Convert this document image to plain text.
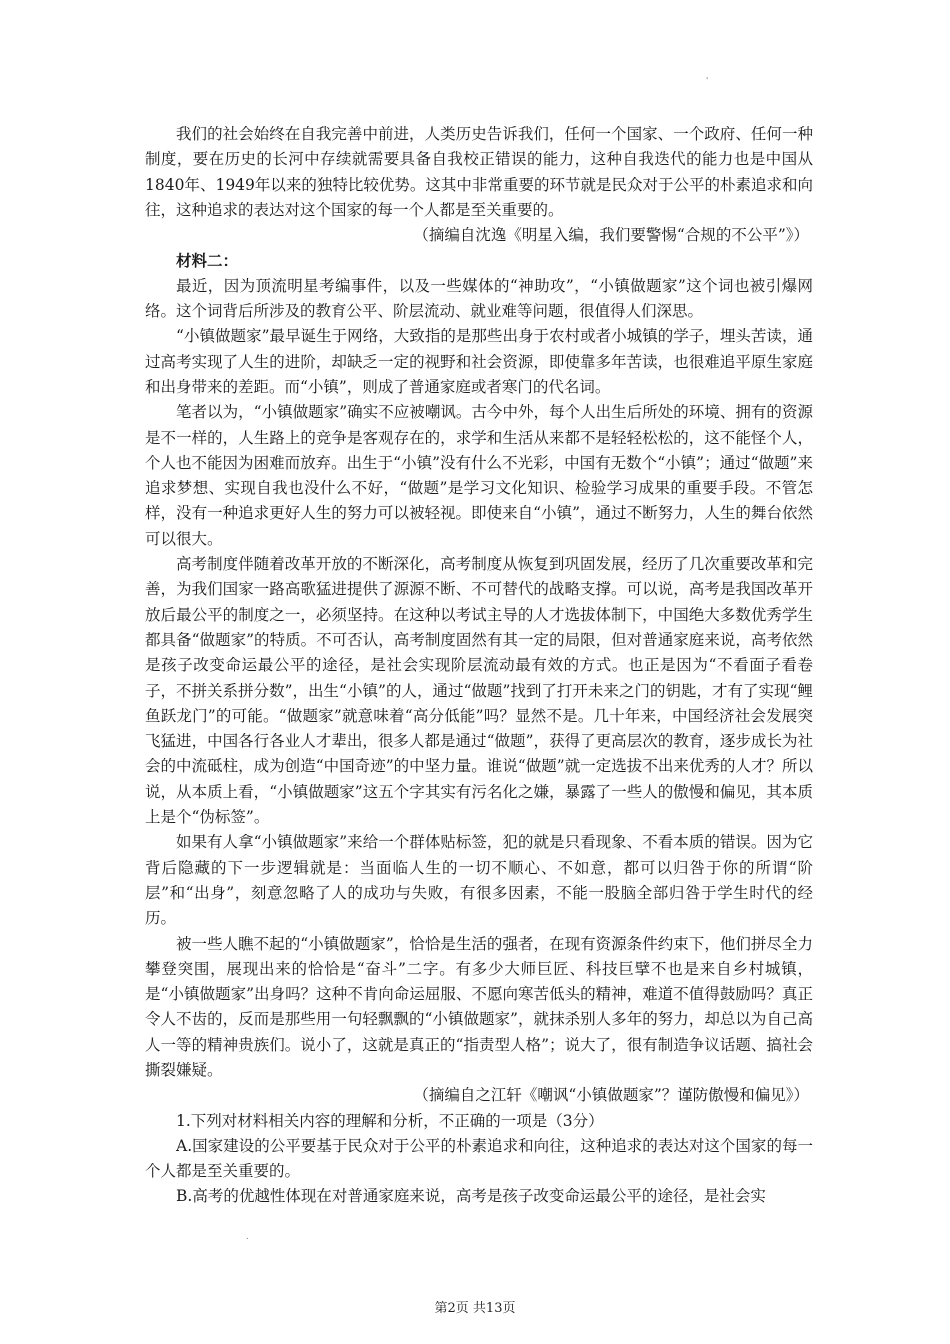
'

我们的社会始终在自我完善中前进，人类历史告诉我们，任何一个国家、一个政府、任何一种制度，要在历史的长河中存续就需要具备自我校正错误的能力，这种自我迭代的能力也是中国从1840年、1949年以来的独特比较优势。这其中非常重要的环节就是民众对于公平的朴素追求和向往，这种追求的表达对这个国家的每一个人都是至关重要的。

（摘编自沈逸《明星入编，我们要警惕“合规的不公平”》）

材料二：

最近，因为顶流明星考编事件，以及一些媒体的“神助攻”，“小镇做题家”这个词也被引爆网络。这个词背后所涉及的教育公平、阶层流动、就业难等问题，很值得人们深思。

“小镇做题家”最早诞生于网络，大致指的是那些出身于农村或者小城镇的学子，埋头苦读，通过高考实现了人生的进阶，却缺乏一定的视野和社会资源，即使靠多年苦读，也很难追平原生家庭和出身带来的差距。而“小镇”，则成了普通家庭或者寒门的代名词。

笔者以为，“小镇做题家”确实不应被嘲讽。古今中外，每个人出生后所处的环境、拥有的资源是不一样的，人生路上的竞争是客观存在的，求学和生活从来都不是轻轻松松的，这不能怪个人，个人也不能因为困难而放弃。出生于“小镇”没有什么不光彩，中国有无数个“小镇”；通过“做题”来追求梦想、实现自我也没什么不好，“做题”是学习文化知识、检验学习成果的重要手段。不管怎样，没有一种追求更好人生的努力可以被轻视。即使来自“小镇”，通过不断努力，人生的舞台依然可以很大。

高考制度伴随着改革开放的不断深化，高考制度从恢复到巩固发展，经历了几次重要改革和完善，为我们国家一路高歌猛进提供了源源不断、不可替代的战略支撑。可以说，高考是我国改革开放后最公平的制度之一，必须坚持。在这种以考试主导的人才选拔体制下，中国绝大多数优秀学生都具备“做题家”的特质。不可否认，高考制度固然有其一定的局限，但对普通家庭来说，高考依然是孩子改变命运最公平的途径，是社会实现阶层流动最有效的方式。也正是因为“不看面子看卷子，不拼关系拼分数”，出生“小镇”的人，通过“做题”找到了打开未来之门的钥匙，才有了实现“鲤鱼跃龙门”的可能。“做题家”就意味着“高分低能”吗？显然不是。几十年来，中国经济社会发展突飞猛进，中国各行各业人才辈出，很多人都是通过“做题”，获得了更高层次的教育，逐步成长为社会的中流砥柱，成为创造“中国奇迹”的中坚力量。谁说“做题”就一定选拔不出来优秀的人才？所以说，从本质上看，“小镇做题家”这五个字其实有污名化之嫌，暴露了一些人的傲慢和偏见，其本质上是个“伪标签”。

如果有人拿“小镇做题家”来给一个群体贴标签，犯的就是只看现象、不看本质的错误。因为它背后隐藏的下一步逻辑就是：当面临人生的一切不顺心、不如意，都可以归咎于你的所谓“阶层”和“出身”，刻意忽略了人的成功与失败，有很多因素，不能一股脑全部归咎于学生时代的经历。

被一些人瞧不起的“小镇做题家”，恰恰是生活的强者，在现有资源条件约束下，他们拼尽全力攀登突围，展现出来的恰恰是“奋斗”二字。有多少大师巨匠、科技巨擘不也是来自乡村城镇，是“小镇做题家”出身吗？这种不肯向命运屈服、不愿向寒苦低头的精神，难道不值得鼓励吗？真正令人不齿的，反而是那些用一句轻飘飘的“小镇做题家”，就抹杀别人多年的努力，却总以为自己高人一等的精神贵族们。说小了，这就是真正的“指责型人格”；说大了，很有制造争议话题、搞社会撕裂嫌疑。

（摘编自之江轩《嘲讽“小镇做题家”？谨防傲慢和偏见》）

1.下列对材料相关内容的理解和分析，不正确的一项是（3分）

A.国家建设的公平要基于民众对于公平的朴素追求和向往，这种追求的表达对这个国家的每一个人都是至关重要的。

B.高考的优越性体现在对普通家庭来说，高考是孩子改变命运最公平的途径，是社会实

.
第2页 共13页
